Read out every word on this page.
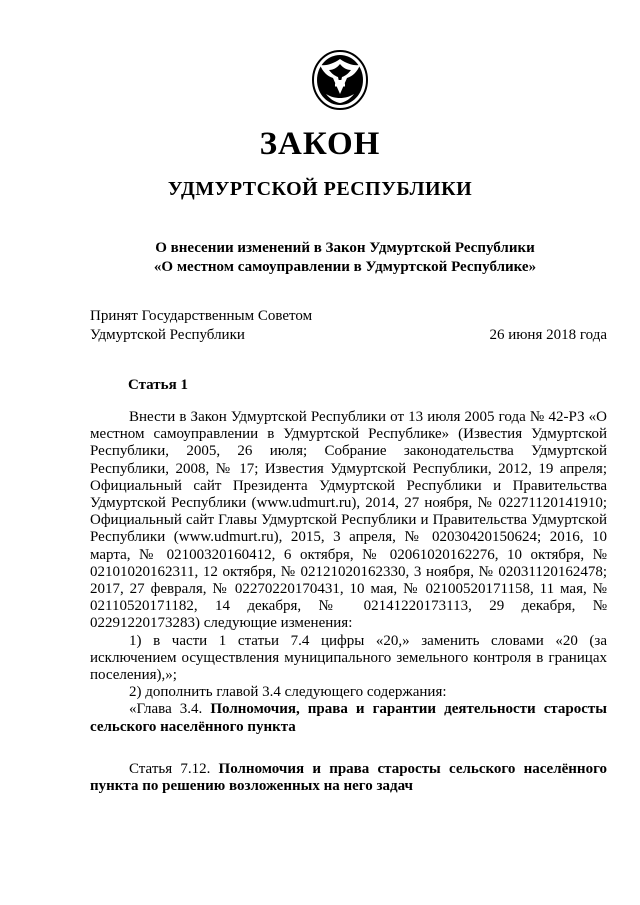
ЗАКОН
УДМУРТСКОЙ РЕСПУБЛИКИ
О внесении изменений в Закон Удмуртской Республики
«О местном самоуправлении в Удмуртской Республике»
Принят Государственным Советом
Удмуртской Республики	26 июня 2018 года
Статья 1

Внести в Закон Удмуртской Республики от 13 июля 2005 года № 42-РЗ «О местном самоуправлении в Удмуртской Республике» (Известия Удмуртской Республики, 2005, 26 июля; Собрание законодательства Удмуртской Республики, 2008, № 17; Известия Удмуртской Республики, 2012, 19 апреля; Официальный сайт Президента Удмуртской Республики и Правительства Удмуртской Республики (www.udmurt.ru), 2014, 27 ноября, № 02271120141910; Официальный сайт Главы Удмуртской Республики и Правительства Удмуртской Республики (www.udmurt.ru), 2015, 3 апреля, № 02030420150624; 2016, 10 марта, № 02100320160412, 6 октября, № 02061020162276, 10 октября, № 02101020162311, 12 октября, № 02121020162330, 3 ноября, № 02031120162478; 2017, 27 февраля, № 02270220170431, 10 мая, № 02100520171158, 11 мая, № 02110520171182, 14 декабря, № 02141220173113, 29 декабря, № 02291220173283) следующие изменения:

1) в части 1 статьи 7.4 цифры «20,» заменить словами «20 (за исключением осуществления муниципального земельного контроля в границах поселения),»;

2) дополнить главой 3.4 следующего содержания:

«Глава 3.4. Полномочия, права и гарантии деятельности старосты сельского населённого пункта

Статья 7.12. Полномочия и права старосты сельского населённого пункта по решению возложенных на него задач
